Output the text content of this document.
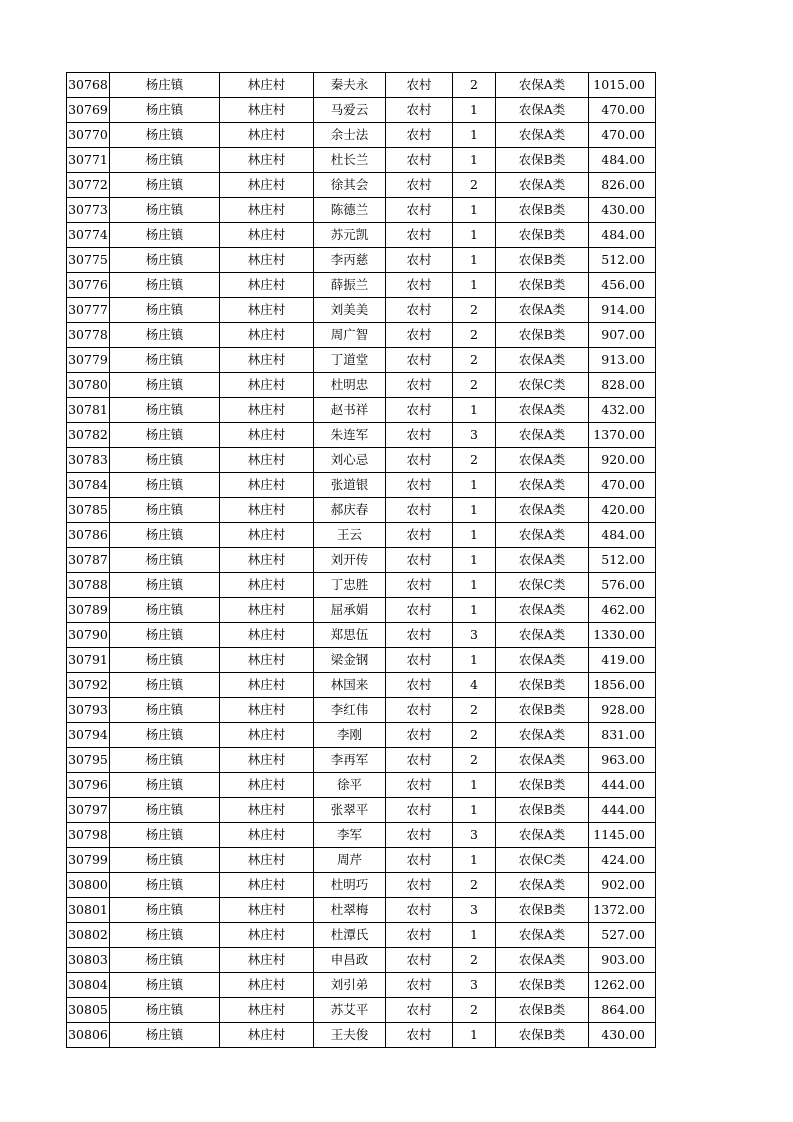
30768	杨庄镇	林庄村	秦夫永	农村	2	农保A类	1015.00
30769	杨庄镇	林庄村	马爱云	农村	1	农保A类	470.00
30770	杨庄镇	林庄村	余士法	农村	1	农保A类	470.00
30771	杨庄镇	林庄村	杜长兰	农村	1	农保B类	484.00
30772	杨庄镇	林庄村	徐其会	农村	2	农保A类	826.00
30773	杨庄镇	林庄村	陈德兰	农村	1	农保B类	430.00
30774	杨庄镇	林庄村	苏元凯	农村	1	农保B类	484.00
30775	杨庄镇	林庄村	李丙慈	农村	1	农保B类	512.00
30776	杨庄镇	林庄村	薛振兰	农村	1	农保B类	456.00
30777	杨庄镇	林庄村	刘美美	农村	2	农保A类	914.00
30778	杨庄镇	林庄村	周广智	农村	2	农保B类	907.00
30779	杨庄镇	林庄村	丁道堂	农村	2	农保A类	913.00
30780	杨庄镇	林庄村	杜明忠	农村	2	农保C类	828.00
30781	杨庄镇	林庄村	赵书祥	农村	1	农保A类	432.00
30782	杨庄镇	林庄村	朱连军	农村	3	农保A类	1370.00
30783	杨庄镇	林庄村	刘心忌	农村	2	农保A类	920.00
30784	杨庄镇	林庄村	张道银	农村	1	农保A类	470.00
30785	杨庄镇	林庄村	郝庆春	农村	1	农保A类	420.00
30786	杨庄镇	林庄村	王云	农村	1	农保A类	484.00
30787	杨庄镇	林庄村	刘开传	农村	1	农保A类	512.00
30788	杨庄镇	林庄村	丁忠胜	农村	1	农保C类	576.00
30789	杨庄镇	林庄村	屈承娟	农村	1	农保A类	462.00
30790	杨庄镇	林庄村	郑思伍	农村	3	农保A类	1330.00
30791	杨庄镇	林庄村	梁金钢	农村	1	农保A类	419.00
30792	杨庄镇	林庄村	林国来	农村	4	农保B类	1856.00
30793	杨庄镇	林庄村	李红伟	农村	2	农保B类	928.00
30794	杨庄镇	林庄村	李刚	农村	2	农保A类	831.00
30795	杨庄镇	林庄村	李再军	农村	2	农保A类	963.00
30796	杨庄镇	林庄村	徐平	农村	1	农保B类	444.00
30797	杨庄镇	林庄村	张翠平	农村	1	农保B类	444.00
30798	杨庄镇	林庄村	李军	农村	3	农保A类	1145.00
30799	杨庄镇	林庄村	周芹	农村	1	农保C类	424.00
30800	杨庄镇	林庄村	杜明巧	农村	2	农保A类	902.00
30801	杨庄镇	林庄村	杜翠梅	农村	3	农保B类	1372.00
30802	杨庄镇	林庄村	杜潭氏	农村	1	农保A类	527.00
30803	杨庄镇	林庄村	申昌政	农村	2	农保A类	903.00
30804	杨庄镇	林庄村	刘引弟	农村	3	农保B类	1262.00
30805	杨庄镇	林庄村	苏艾平	农村	2	农保B类	864.00
30806	杨庄镇	林庄村	王夫俊	农村	1	农保B类	430.00
